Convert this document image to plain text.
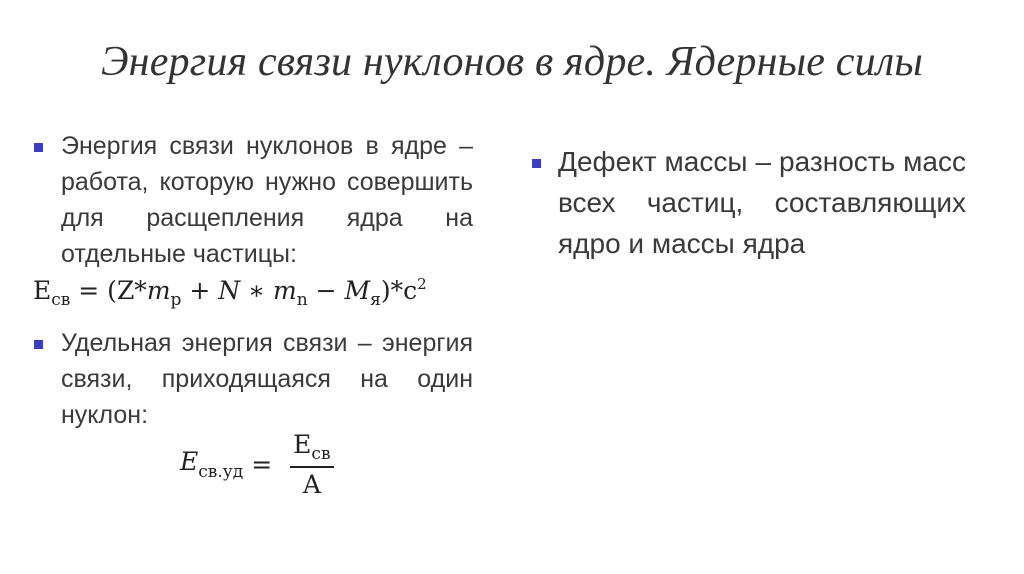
Энергия связи нуклонов в ядре. Ядерные силы
Энергия связи нуклонов в ядре – работа, которую нужно совершить для расщепления ядра на отдельные частицы:
$E_{св} = (Z*m_p + N$ ∗ $m_n - M_я)*c^2$
Удельная энергия связи – энергия связи, приходящаяся на один нуклон:
$E_{св.уд} = \frac{E_{св}}{A}$
Дефект массы – разность масс всех частиц, составляющих ядро и массы ядра
